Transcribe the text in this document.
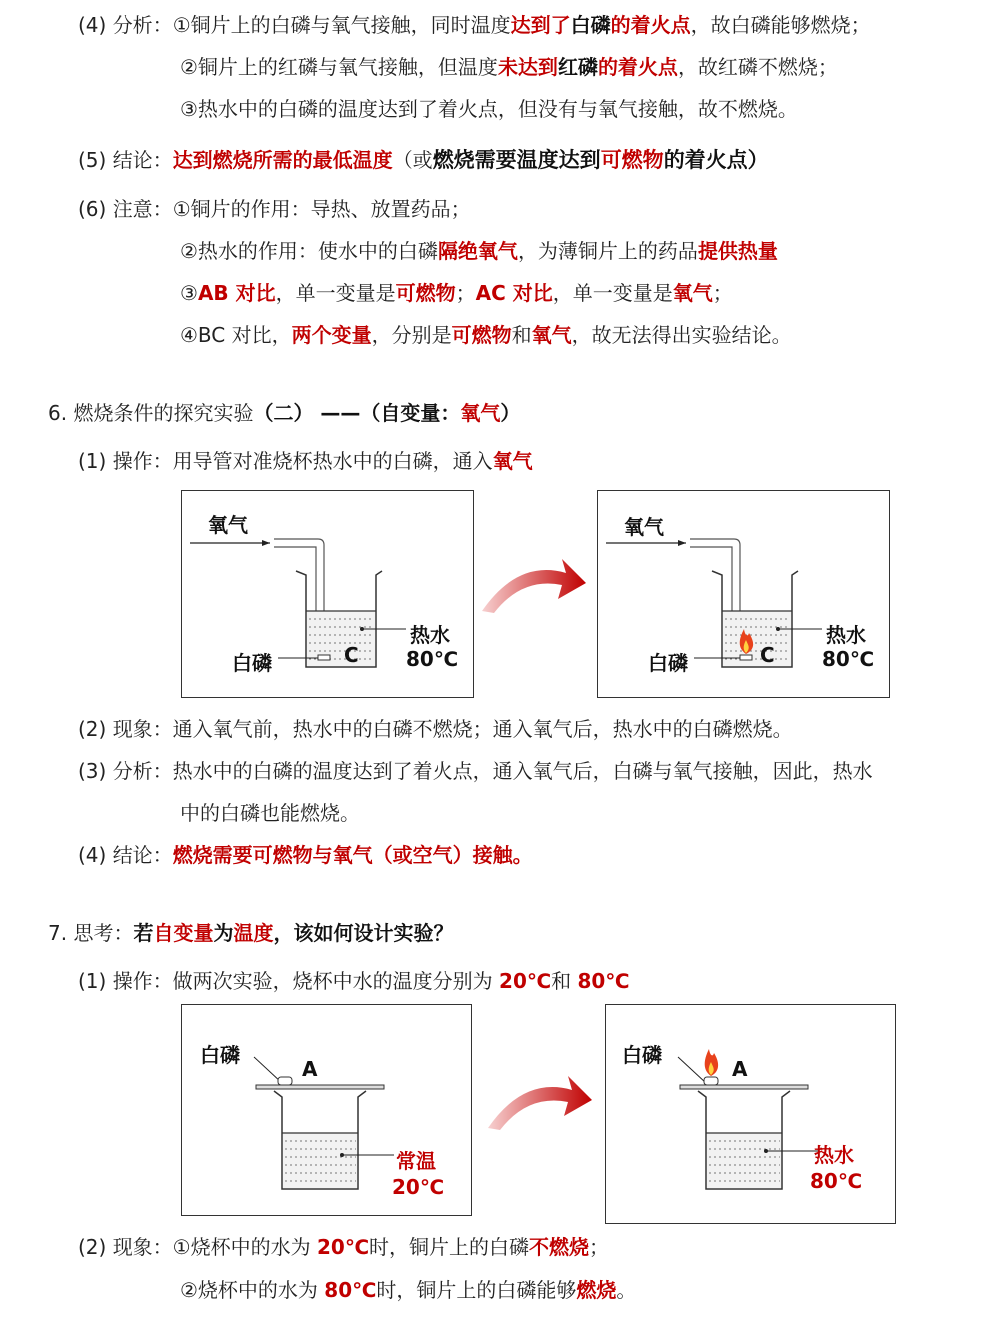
(4) 分析：①铜片上的白磷与氧气接触，同时温度达到了白磷的着火点，故白磷能够燃烧；
②铜片上的红磷与氧气接触，但温度未达到红磷的着火点，故红磷不燃烧；
③热水中的白磷的温度达到了着火点，但没有与氧气接触，故不燃烧。
(5) 结论：达到燃烧所需的最低温度（或燃烧需要温度达到可燃物的着火点）
(6) 注意：①铜片的作用：导热、放置药品；
②热水的作用：使水中的白磷隔绝氧气，为薄铜片上的药品提供热量
③AB 对比，单一变量是可燃物；AC 对比，单一变量是氧气；
④BC 对比，两个变量，分别是可燃物和氧气，故无法得出实验结论。
6. 燃烧条件的探究实验（二） ——（自变量：氧气）
(1) 操作：用导管对准烧杯热水中的白磷，通入氧气
氧气
热水
80℃
白磷	C
氧气
热水
80℃
白磷	C
(2) 现象：通入氧气前，热水中的白磷不燃烧；通入氧气后，热水中的白磷燃烧。
(3) 分析：热水中的白磷的温度达到了着火点，通入氧气后，白磷与氧气接触，因此，热水
中的白磷也能燃烧。
(4) 结论：燃烧需要可燃物与氧气（或空气）接触。
7. 思考：若自变量为温度，该如何设计实验？
(1) 操作：做两次实验，烧杯中水的温度分别为 20℃和 80℃
白磷
A
常温
20℃
白磷
A
热水
80℃
(2) 现象：①烧杯中的水为 20℃时，铜片上的白磷不燃烧；
②烧杯中的水为 80℃时，铜片上的白磷能够燃烧。
